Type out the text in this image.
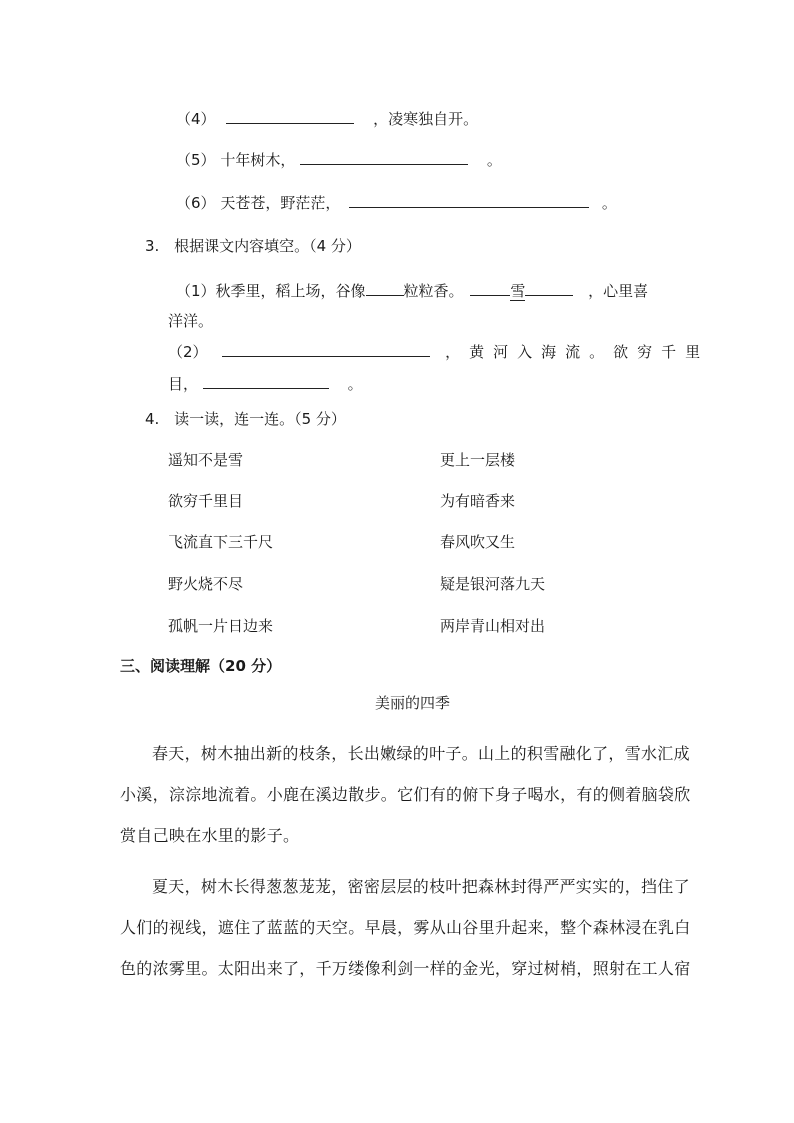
（4）	，凌寒独自开。
（5） 十年树木，	。
（6） 天苍苍，野茫茫，	。
3. 根据课文内容填空。（4 分）
（1）秋季里，稻上场，谷像	粒粒香。	雪	，心里喜
洋洋。
（2）	，黄河入海流。欲穷千里
目，	。
4. 读一读，连一连。（5 分）
遥知不是雪
欲穷千里目
飞流直下三千尺
野火烧不尽
孤帆一片日边来
更上一层楼
为有暗香来
春风吹又生
疑是银河落九天
两岸青山相对出
三、阅读理解（20 分）
美丽的四季
春天，树木抽出新的枝条，长出嫩绿的叶子。山上的积雪融化了，雪水汇成
小溪，淙淙地流着。小鹿在溪边散步。它们有的俯下身子喝水，有的侧着脑袋欣
赏自己映在水里的影子。
夏天，树木长得葱葱茏茏，密密层层的枝叶把森林封得严严实实的，挡住了
人们的视线，遮住了蓝蓝的天空。早晨，雾从山谷里升起来，整个森林浸在乳白
色的浓雾里。太阳出来了，千万缕像利剑一样的金光，穿过树梢，照射在工人宿
